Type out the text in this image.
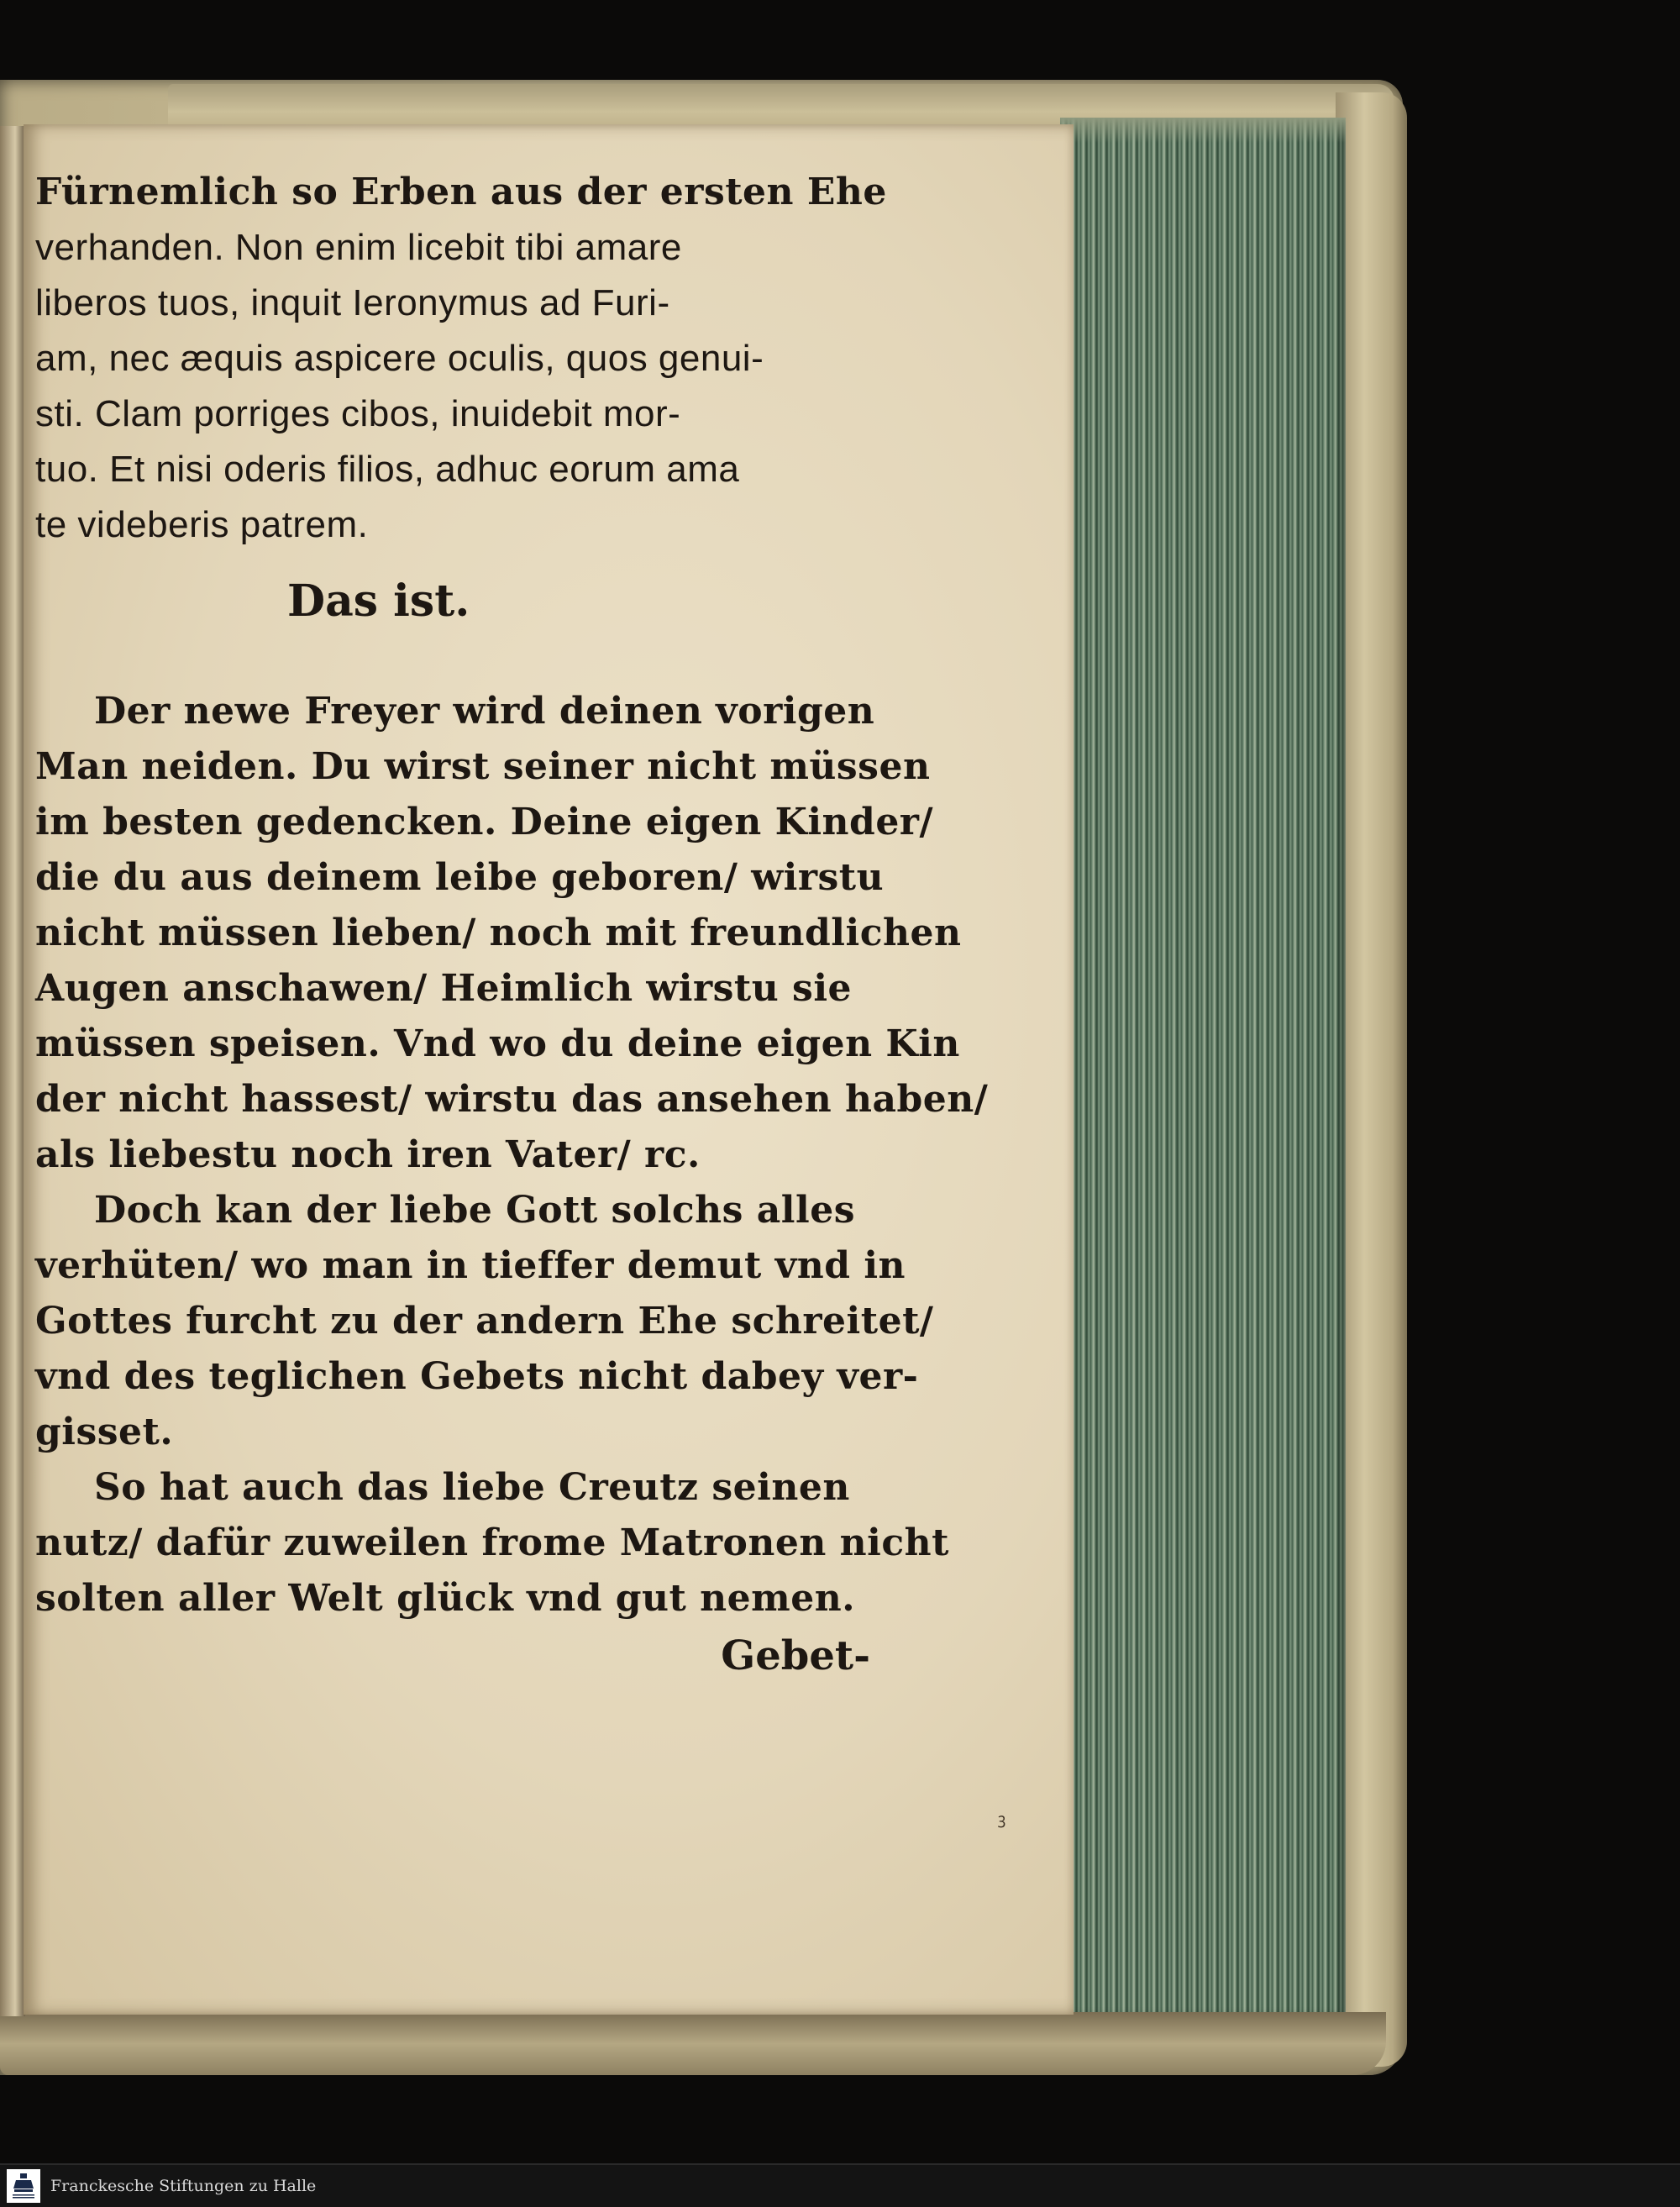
Fürnemlich so Erben aus der ersten Ehe
verhanden. Non enim licebit tibi amare
liberos tuos, inquit Ieronymus ad Furi-
am, nec æquis aspicere oculis, quos genui-
sti. Clam porriges cibos, inuidebit mor-
tuo. Et nisi oderis filios, adhuc eorum ama
te videberis patrem.
Das ist.
Der newe Freyer wird deinen vorigen
Man neiden. Du wirst seiner nicht müssen
im besten gedencken. Deine eigen Kinder/
die du aus deinem leibe geboren/ wirstu
nicht müssen lieben/ noch mit freundlichen
Augen anschawen/ Heimlich wirstu sie
müssen speisen. Vnd wo du deine eigen Kin
der nicht hassest/ wirstu das ansehen haben/
als liebestu noch iren Vater/ rc.
Doch kan der liebe Gott solchs alles
verhüten/ wo man in tieffer demut vnd in
Gottes furcht zu der andern Ehe schreitet/
vnd des teglichen Gebets nicht dabey ver-
gisset.
So hat auch das liebe Creutz seinen
nutz/ dafür zuweilen frome Matronen nicht
solten aller Welt glück vnd gut nemen.
Gebet-
ꝫ
Franckesche Stiftungen zu Halle
